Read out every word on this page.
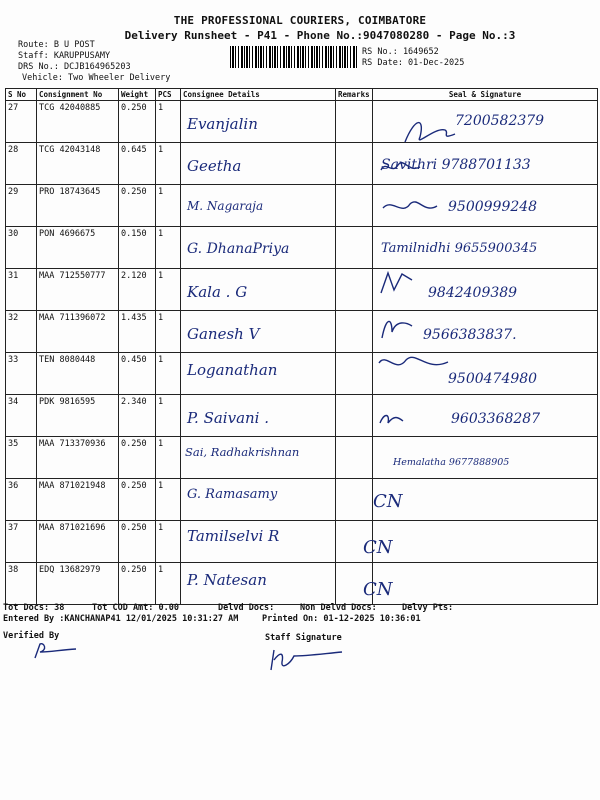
THE PROFESSIONAL COURIERS, COIMBATORE
Delivery Runsheet - P41 - Phone No.:9047080280 - Page No.:3
Route: B U POST
Staff: KARUPPUSAMY
DRS No.: DCJB164965203
Vehicle: Two Wheeler Delivery
RS No.: 1649652
RS Date: 01-Dec-2025
S No	Consignment No	Weight	PCS	Consignee Details	Remarks	Seal & Signature
27	TCG 42040885	0.250	1	Evanjalin		7200582379

28	TCG 42043148	0.645	1	Geetha		Savithri 9788701133

29	PRO 18743645	0.250	1	M. Nagaraja		9500999248

30	PON 4696675	0.150	1	G. DhanaPriya		Tamilnidhi 9655900345

31	MAA 712550777	2.120	1	Kala . G		9842409389

32	MAA 711396072	1.435	1	Ganesh V		9566383837.

33	TEN 8080448	0.450	1	Loganathan		9500474980

34	PDK 9816595	2.340	1	P. Saivani .		9603368287

35	MAA 713370936	0.250	1	Sai, Radhakrishnan		Hemalatha 9677888905

36	MAA 871021948	0.250	1	G. Ramasamy		CN

37	MAA 871021696	0.250	1	Tamilselvi R		CN

38	EDQ 13682979	0.250	1	P. Natesan		CN
Tot Docs: 38	Tot COD Amt: 0.00	Delvd Docs:	Non Delvd Docs:	Delvy Pts:
Entered By :KANCHANAP41 12/01/2025 10:31:27 AM	Printed On: 01-12-2025 10:36:01
Verified By	Staff Signature
